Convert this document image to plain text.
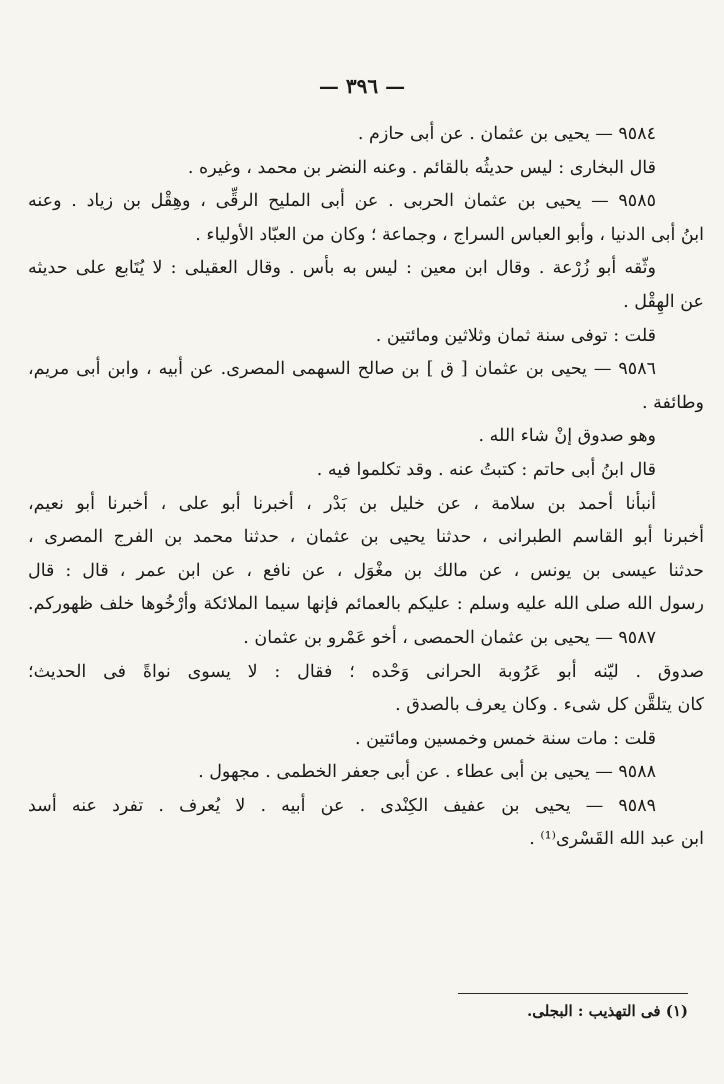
— ٣٩٦ —

٩٥٨٤ — يحيى بن عثمان . عن أبى حازم .

قال البخارى : ليس حديثُه بالقائم . وعنه النضر بن محمد ، وغيره .

٩٥٨٥ — يحيى بن عثمان الحربى . عن أبى المليح الرقِّى ، وهِقْل بن زياد . وعنه

ابنُ أبى الدنيا ، وأبو العباس السراج ، وجماعة ؛ وكان من العبّاد الأولياء .

وثّقه أبو زُرْعة . وقال ابن معين : ليس به بأس . وقال العقيلى : لا يُتَابع على حديثه

عن الهِقْل .

قلت : توفى سنة ثمان وثلاثين ومائتين .

٩٥٨٦ — يحيى بن عثمان [ ق ] بن صالح السهمى المصرى. عن أبيه ، وابن أبى مريم،

وطائفة .

وهو صدوق إنْ شاء الله .

قال ابنُ أبى حاتم : كتبتُ عنه . وقد تكلموا فيه .

أنبأنا أحمد بن سلامة ، عن خليل بن بَدْر ، أخبرنا أبو على ، أخبرنا أبو نعيم،

أخبرنا أبو القاسم الطبرانى ، حدثنا يحيى بن عثمان ، حدثنا محمد بن الفرج المصرى ،

حدثنا عيسى بن يونس ، عن مالك بن مغْوَل ، عن نافع ، عن ابن عمر ، قال : قال

رسول الله صلى الله عليه وسلم : عليكم بالعمائم فإنها سيما الملائكة وأرْخُوها خلف ظهوركم.

٩٥٨٧ — يحيى بن عثمان الحمصى ، أخو عَمْرو بن عثمان .

صدوق . ليّنه أبو عَرُوبة الحرانى وَحْده ؛ فقال : لا يسوى نواةً فى الحديث؛

كان يتلقَّن كل شىء . وكان يعرف بالصدق .

قلت : مات سنة خمس وخمسين ومائتين .

٩٥٨٨ — يحيى بن أبى عطاء . عن أبى جعفر الخطمى . مجهول .

٩٥٨٩ — يحيى بن عفيف الكِنْدى . عن أبيه . لا يُعرف . تفرد عنه أسد

ابن عبد الله القَسْرى⁽¹⁾ .

(١) فى التهذيب : البجلى.
